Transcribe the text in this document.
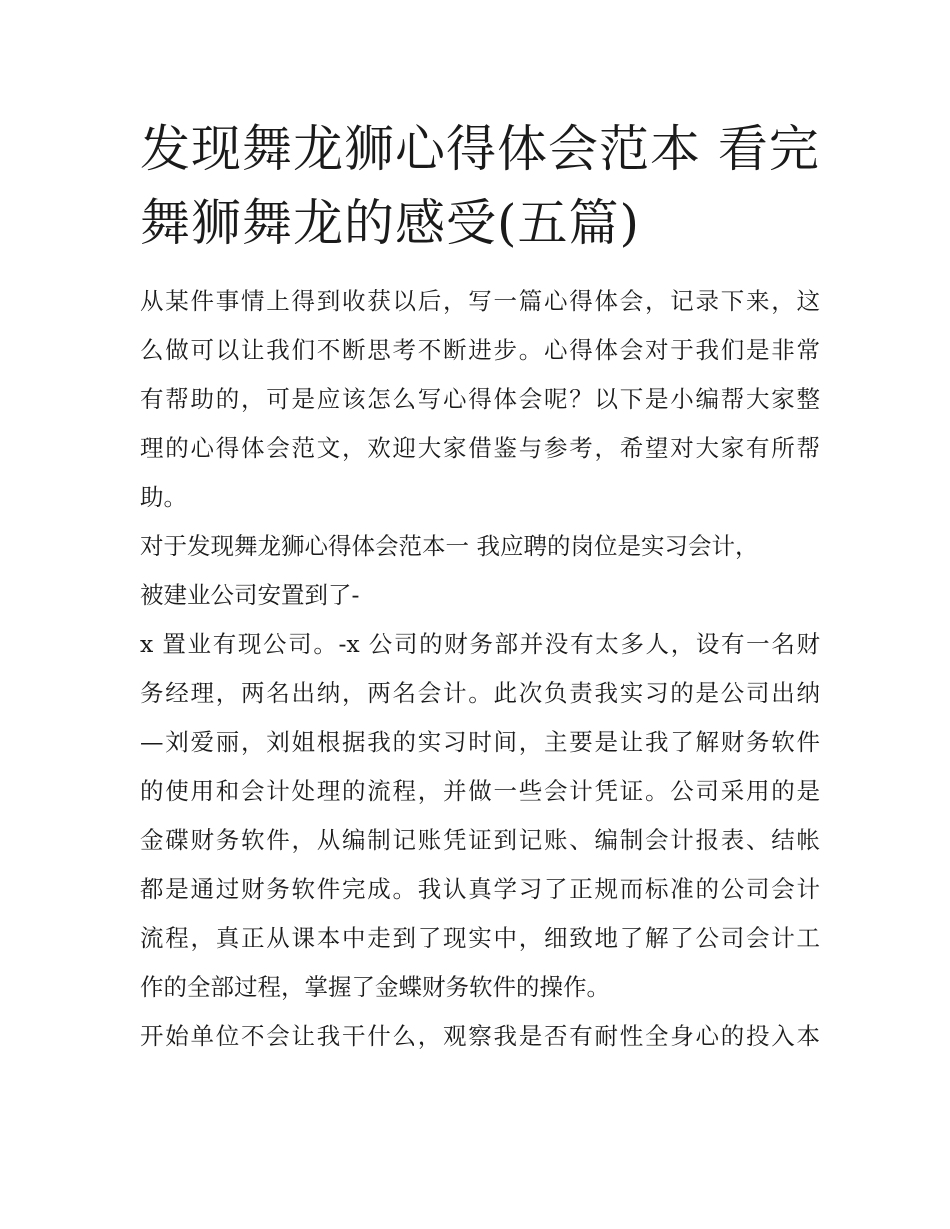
发现舞龙狮心得体会范本 看完
舞狮舞龙的感受(五篇)
从某件事情上得到收获以后，写一篇心得体会，记录下来，这
么做可以让我们不断思考不断进步。心得体会对于我们是非常
有帮助的，可是应该怎么写心得体会呢？以下是小编帮大家整
理的心得体会范文，欢迎大家借鉴与参考，希望对大家有所帮
助。
对于发现舞龙狮心得体会范本一 我应聘的岗位是实习会计，
被建业公司安置到了-
x 置业有现公司。-x 公司的财务部并没有太多人，设有一名财
务经理，两名出纳，两名会计。此次负责我实习的是公司出纳
—刘爱丽，刘姐根据我的实习时间，主要是让我了解财务软件
的使用和会计处理的流程，并做一些会计凭证。公司采用的是
金碟财务软件，从编制记账凭证到记账、编制会计报表、结帐
都是通过财务软件完成。我认真学习了正规而标准的公司会计
流程，真正从课本中走到了现实中，细致地了解了公司会计工
作的全部过程，掌握了金蝶财务软件的操作。
开始单位不会让我干什么，观察我是否有耐性全身心的投入本
